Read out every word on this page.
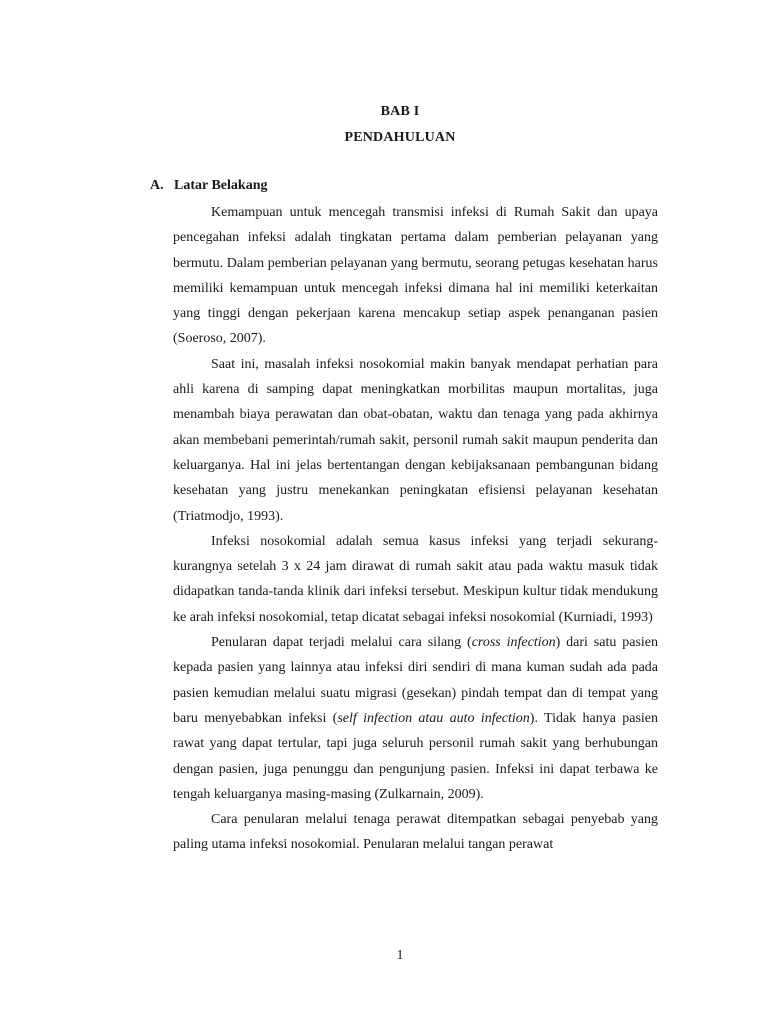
BAB I
PENDAHULUAN
A. Latar Belakang

Kemampuan untuk mencegah transmisi infeksi di Rumah Sakit dan upaya pencegahan infeksi adalah tingkatan pertama dalam pemberian pelayanan yang bermutu. Dalam pemberian pelayanan yang bermutu, seorang petugas kesehatan harus memiliki kemampuan untuk mencegah infeksi dimana hal ini memiliki keterkaitan yang tinggi dengan pekerjaan karena mencakup setiap aspek penanganan pasien (Soeroso, 2007).

Saat ini, masalah infeksi nosokomial makin banyak mendapat perhatian para ahli karena di samping dapat meningkatkan morbilitas maupun mortalitas, juga menambah biaya perawatan dan obat-obatan, waktu dan tenaga yang pada akhirnya akan membebani pemerintah/rumah sakit, personil rumah sakit maupun penderita dan keluarganya. Hal ini jelas bertentangan dengan kebijaksanaan pembangunan bidang kesehatan yang justru menekankan peningkatan efisiensi pelayanan kesehatan (Triatmodjo, 1993).

Infeksi nosokomial adalah semua kasus infeksi yang terjadi sekurang-kurangnya setelah 3 x 24 jam dirawat di rumah sakit atau pada waktu masuk tidak didapatkan tanda-tanda klinik dari infeksi tersebut. Meskipun kultur tidak mendukung ke arah infeksi nosokomial, tetap dicatat sebagai infeksi nosokomial (Kurniadi, 1993)

Penularan dapat terjadi melalui cara silang (cross infection) dari satu pasien kepada pasien yang lainnya atau infeksi diri sendiri di mana kuman sudah ada pada pasien kemudian melalui suatu migrasi (gesekan) pindah tempat dan di tempat yang baru menyebabkan infeksi (self infection atau auto infection). Tidak hanya pasien rawat yang dapat tertular, tapi juga seluruh personil rumah sakit yang berhubungan dengan pasien, juga penunggu dan pengunjung pasien. Infeksi ini dapat terbawa ke tengah keluarganya masing-masing (Zulkarnain, 2009).

Cara penularan melalui tenaga perawat ditempatkan sebagai penyebab yang paling utama infeksi nosokomial. Penularan melalui tangan perawat

1
